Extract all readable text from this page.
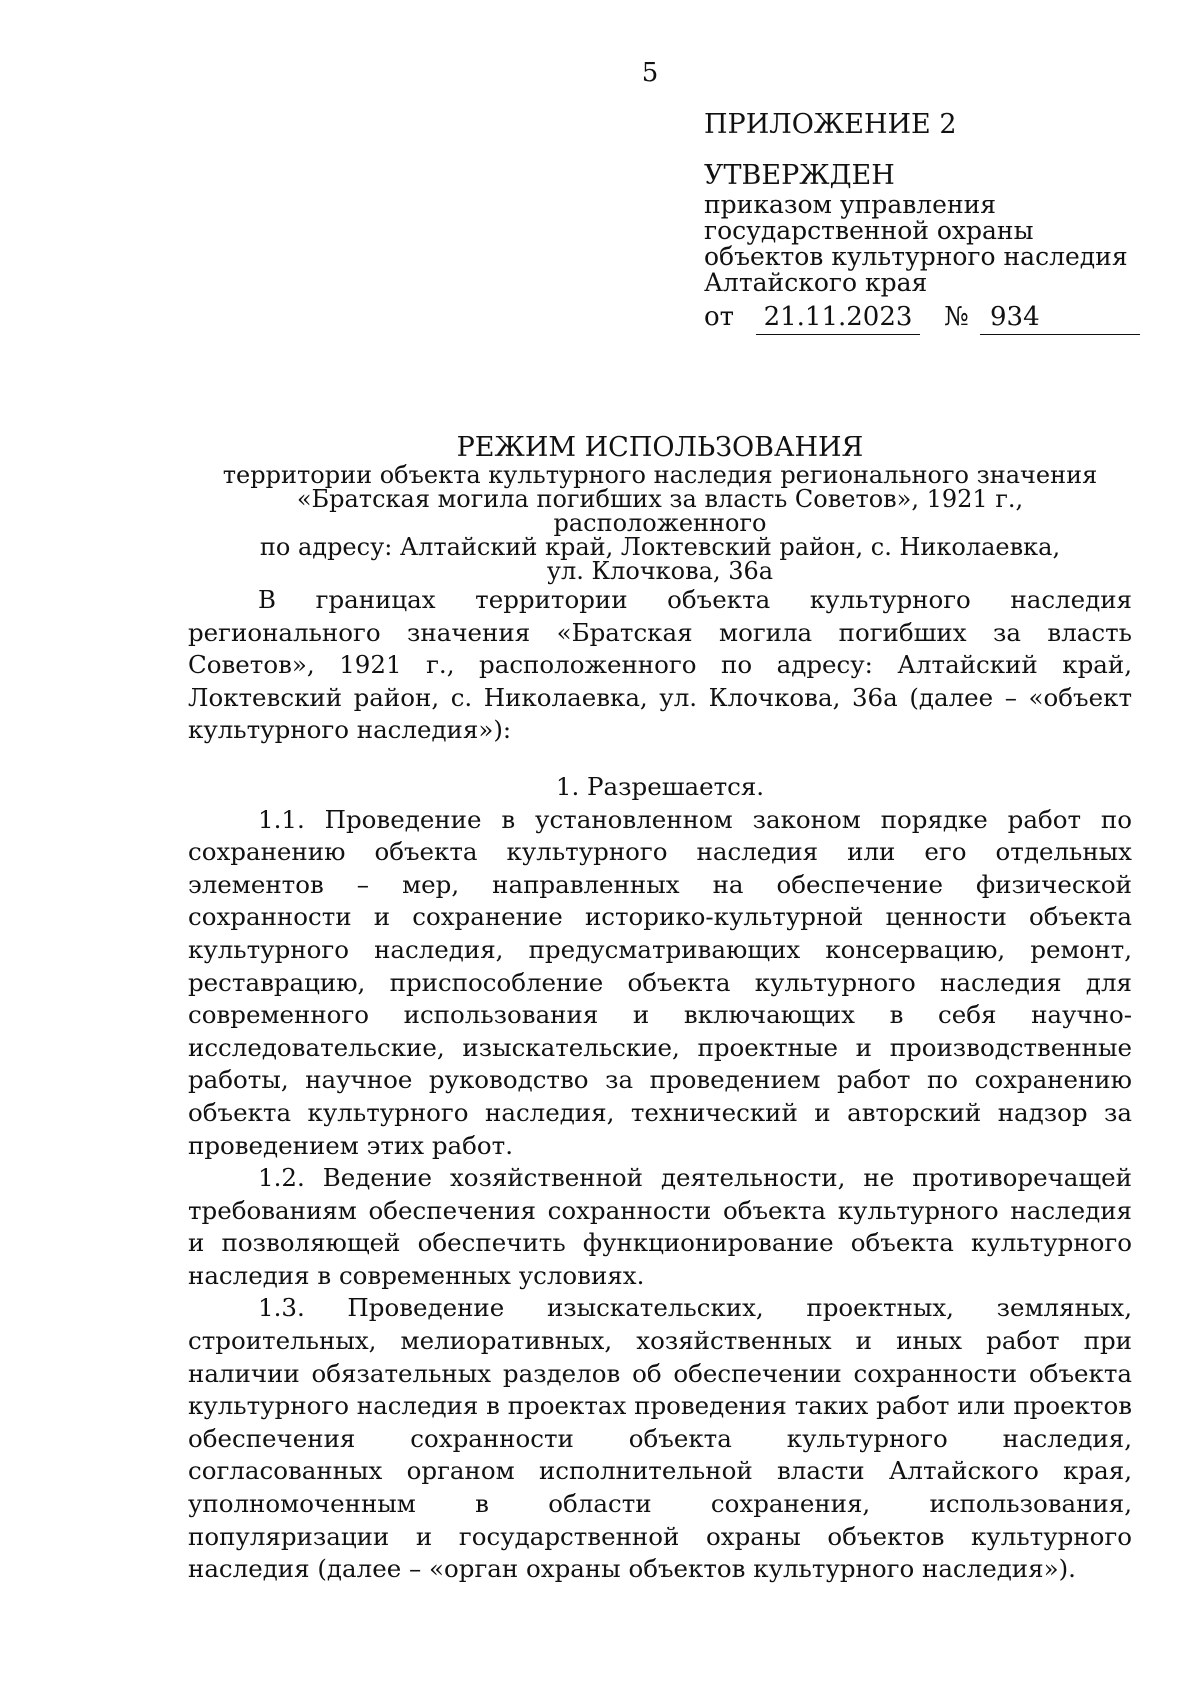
5

ПРИЛОЖЕНИЕ 2

УТВЕРЖДЕН

приказом управления

государственной охраны

объектов культурного наследия

Алтайского края

от 21.11.2023 № 934

РЕЖИМ ИСПОЛЬЗОВАНИЯ

территории объекта культурного наследия регионального значения

«Братская могила погибших за власть Советов», 1921 г., расположенного

по адресу: Алтайский край, Локтевский район, с. Николаевка,

ул. Клочкова, 36а

В границах территории объекта культурного наследия регионального значения «Братская могила погибших за власть Советов», 1921 г., расположенного по адресу: Алтайский край, Локтевский район, с. Николаевка, ул. Клочкова, 36а (далее – «объект культурного наследия»):

1. Разрешается.

1.1. Проведение в установленном законом порядке работ по сохранению объекта культурного наследия или его отдельных элементов – мер, направленных на обеспечение физической сохранности и сохранение историко-культурной ценности объекта культурного наследия, предусматривающих консервацию, ремонт, реставрацию, приспособление объекта культурного наследия для современного использования и включающих в себя научно-исследовательские, изыскательские, проектные и производственные работы, научное руководство за проведением работ по сохранению объекта культурного наследия, технический и авторский надзор за проведением этих работ.

1.2. Ведение хозяйственной деятельности, не противоречащей требованиям обеспечения сохранности объекта культурного наследия и позволяющей обеспечить функционирование объекта культурного наследия в современных условиях.

1.3. Проведение изыскательских, проектных, земляных, строительных, мелиоративных, хозяйственных и иных работ при наличии обязательных разделов об обеспечении сохранности объекта культурного наследия в проектах проведения таких работ или проектов обеспечения сохранности объекта культурного наследия, согласованных органом исполнительной власти Алтайского края, уполномоченным в области сохранения, использования, популяризации и государственной охраны объектов культурного наследия (далее – «орган охраны объектов культурного наследия»).
